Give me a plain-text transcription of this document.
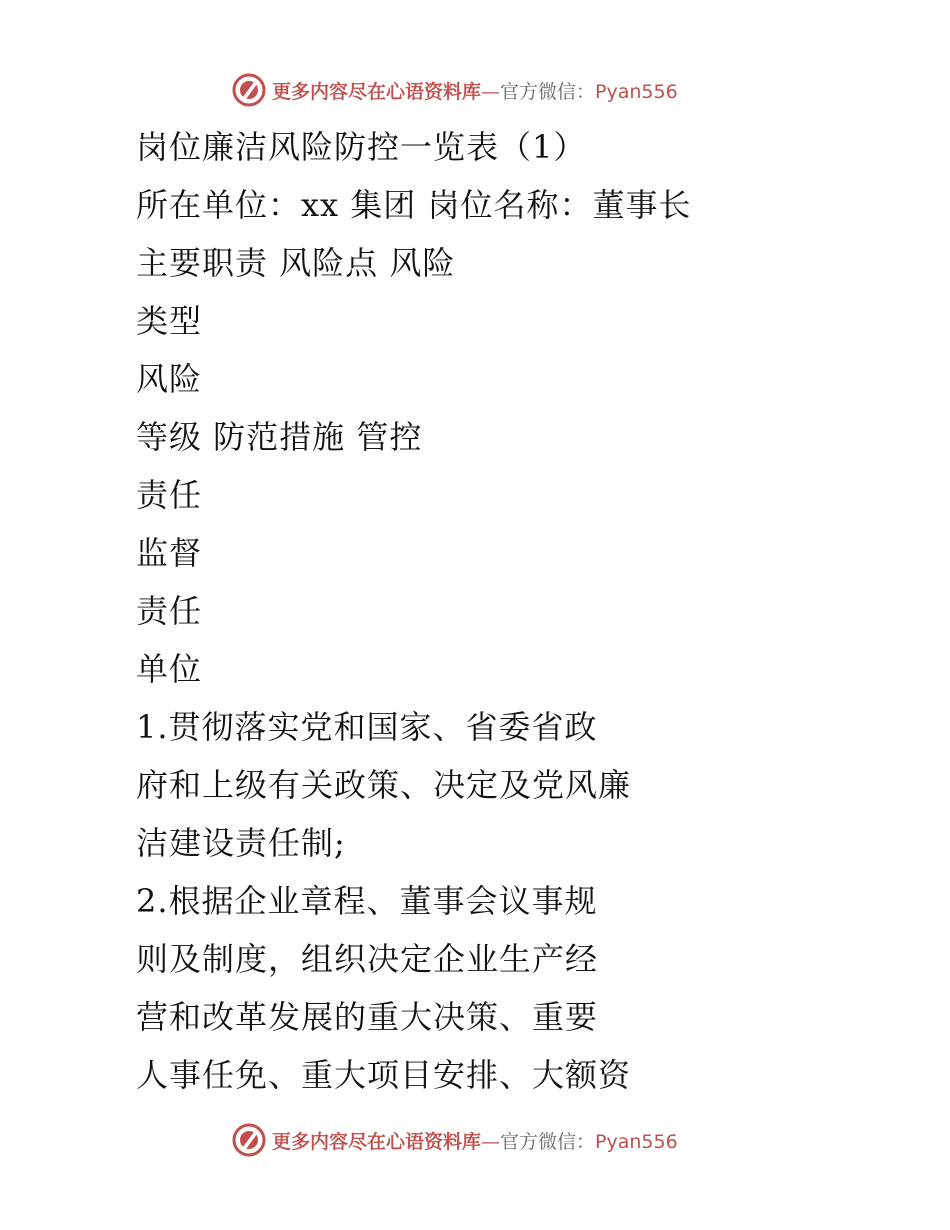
更多内容尽在心语资料库—官方微信：Pyan556
岗位廉洁风险防控一览表（1）
所在单位：xx 集团 岗位名称：董事长
主要职责 风险点 风险
类型
风险
等级 防范措施 管控
责任
监督
责任
单位
1.贯彻落实党和国家、省委省政
府和上级有关政策、决定及党风廉
洁建设责任制;
2.根据企业章程、董事会议事规
则及制度，组织决定企业生产经
营和改革发展的重大决策、重要
人事任免、重大项目安排、大额资
更多内容尽在心语资料库—官方微信：Pyan556
